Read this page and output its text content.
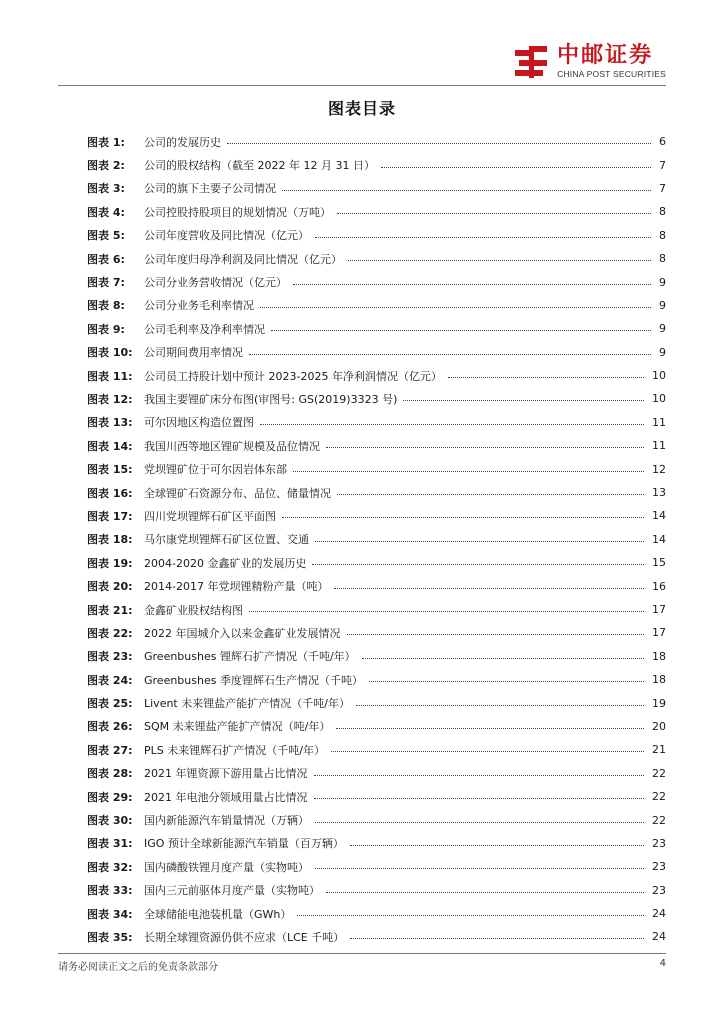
中邮证券
CHINA POST SECURITIES
图表目录
图表 1:	公司的发展历史	6
图表 2:	公司的股权结构（截至 2022 年 12 月 31 日）	7
图表 3:	公司的旗下主要子公司情况	7
图表 4:	公司控股持股项目的规划情况（万吨）	8
图表 5:	公司年度营收及同比情况（亿元）	8
图表 6:	公司年度归母净利润及同比情况（亿元）	8
图表 7:	公司分业务营收情况（亿元）	9
图表 8:	公司分业务毛利率情况	9
图表 9:	公司毛利率及净利率情况	9
图表 10:	公司期间费用率情况	9
图表 11:	公司员工持股计划中预计 2023-2025 年净利润情况（亿元）	10
图表 12:	我国主要锂矿床分布图(审图号: GS(2019)3323 号)	10
图表 13:	可尔因地区构造位置图	11
图表 14:	我国川西等地区锂矿规模及品位情况	11
图表 15:	党坝锂矿位于可尔因岩体东部	12
图表 16:	全球锂矿石资源分布、品位、储量情况	13
图表 17:	四川党坝锂辉石矿区平面图	14
图表 18:	马尔康党坝锂辉石矿区位置、交通	14
图表 19:	2004-2020 金鑫矿业的发展历史	15
图表 20:	2014-2017 年党坝锂精粉产量（吨）	16
图表 21:	金鑫矿业股权结构图	17
图表 22:	2022 年国城介入以来金鑫矿业发展情况	17
图表 23:	Greenbushes 锂辉石扩产情况（千吨/年）	18
图表 24:	Greenbushes 季度锂辉石生产情况（千吨）	18
图表 25:	Livent 未来锂盐产能扩产情况（千吨/年）	19
图表 26:	SQM 未来锂盐产能扩产情况（吨/年）	20
图表 27:	PLS 未来锂辉石扩产情况（千吨/年）	21
图表 28:	2021 年锂资源下游用量占比情况	22
图表 29:	2021 年电池分领域用量占比情况	22
图表 30:	国内新能源汽车销量情况（万辆）	22
图表 31:	IGO 预计全球新能源汽车销量（百万辆）	23
图表 32:	国内磷酸铁锂月度产量（实物吨）	23
图表 33:	国内三元前驱体月度产量（实物吨）	23
图表 34:	全球储能电池装机量（GWh）	24
图表 35:	长期全球锂资源仍供不应求（LCE 千吨）	24
请务必阅读正文之后的免责条款部分	4
